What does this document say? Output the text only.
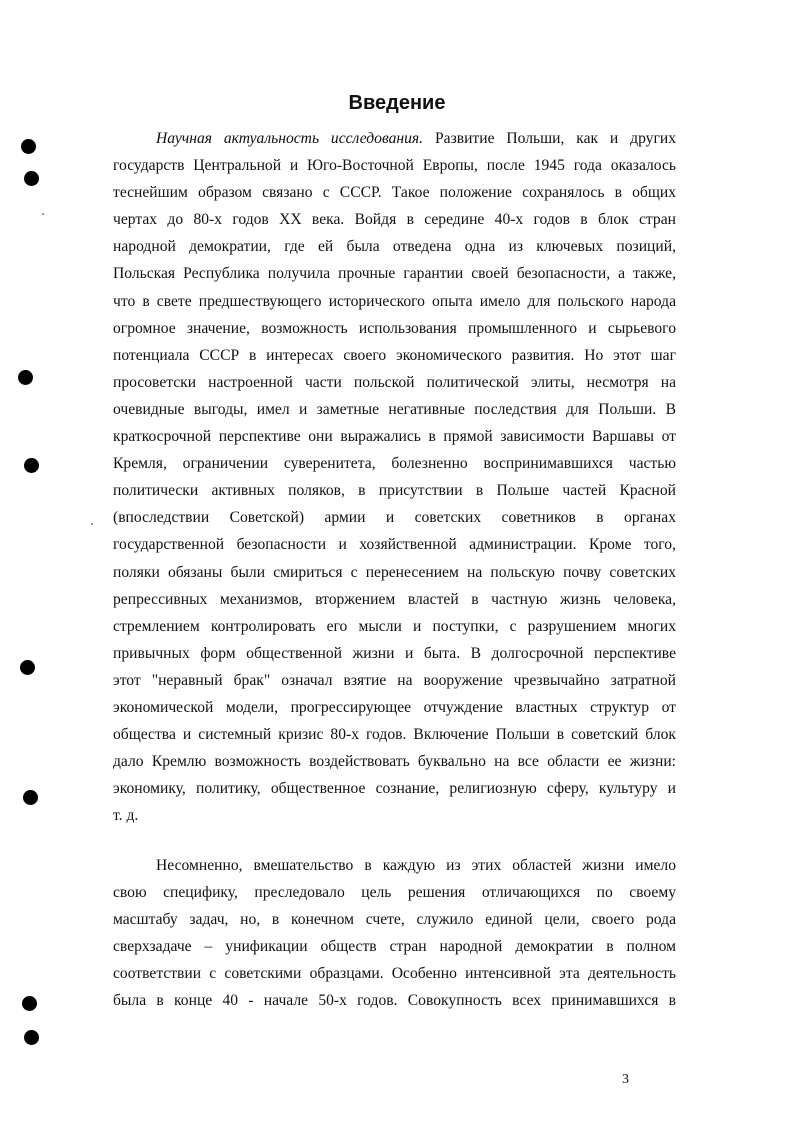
Введение
Научная актуальность исследования. Развитие Польши, как и других
государств Центральной и Юго-Восточной Европы, после 1945 года оказалось
теснейшим образом связано с СССР. Такое положение сохранялось в общих
чертах до 80-х годов XX века. Войдя в середине 40-х годов в блок стран
народной демократии, где ей была отведена одна из ключевых позиций,
Польская Республика получила прочные гарантии своей безопасности, а также,
что в свете предшествующего исторического опыта имело для польского народа
огромное значение, возможность использования промышленного и сырьевого
потенциала СССР в интересах своего экономического развития. Но этот шаг
просоветски настроенной части польской политической элиты, несмотря на
очевидные выгоды, имел и заметные негативные последствия для Польши. В
краткосрочной перспективе они выражались в прямой зависимости Варшавы от
Кремля, ограничении суверенитета, болезненно воспринимавшихся частью
политически активных поляков, в присутствии в Польше частей Красной
(впоследствии Советской) армии и советских советников в органах
государственной безопасности и хозяйственной администрации. Кроме того,
поляки обязаны были смириться с перенесением на польскую почву советских
репрессивных механизмов, вторжением властей в частную жизнь человека,
стремлением контролировать его мысли и поступки, с разрушением многих
привычных форм общественной жизни и быта. В долгосрочной перспективе
этот "неравный брак" означал взятие на вооружение чрезвычайно затратной
экономической модели, прогрессирующее отчуждение властных структур от
общества и системный кризис 80-х годов. Включение Польши в советский блок
дало Кремлю возможность воздействовать буквально на все области ее жизни:
экономику, политику, общественное сознание, религиозную сферу, культуру и
т. д.
Несомненно, вмешательство в каждую из этих областей жизни имело
свою специфику, преследовало цель решения отличающихся по своему
масштабу задач, но, в конечном счете, служило единой цели, своего рода
сверхзадаче – унификации обществ стран народной демократии в полном
соответствии с советскими образцами. Особенно интенсивной эта деятельность
была в конце 40 - начале 50-х годов. Совокупность всех принимавшихся в
3
